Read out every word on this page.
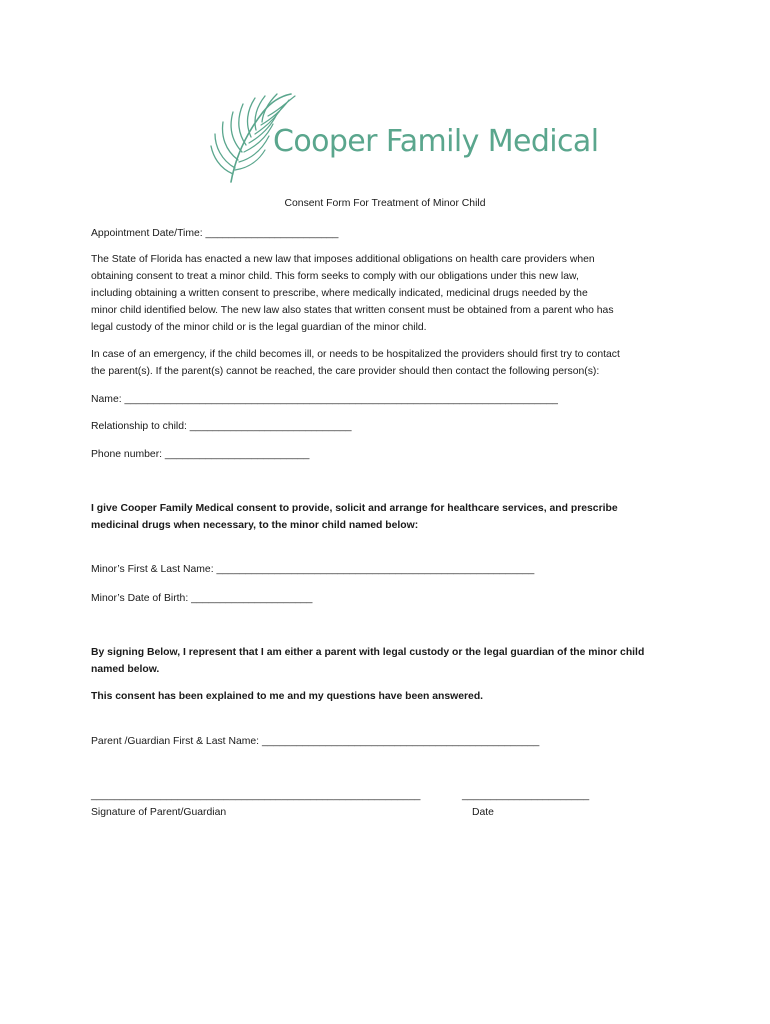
Cooper Family Medical
Consent Form For Treatment of Minor Child
Appointment Date/Time: _______________________
The State of Florida has enacted a new law that imposes additional obligations on health care providers when
obtaining consent to treat a minor child. This form seeks to comply with our obligations under this new law,
including obtaining a written consent to prescribe, where medically indicated, medicinal drugs needed by the
minor child identified below. The new law also states that written consent must be obtained from a parent who has
legal custody of the minor child or is the legal guardian of the minor child.
In case of an emergency, if the child becomes ill, or needs to be hospitalized the providers should first try to contact
the parent(s). If the parent(s) cannot be reached, the care provider should then contact the following person(s):
Name: ___________________________________________________________________________
Relationship to child: ____________________________
Phone number: _________________________
I give Cooper Family Medical consent to provide, solicit and arrange for healthcare services, and prescribe
medicinal drugs when necessary, to the minor child named below:
Minor’s First & Last Name: _______________________________________________________
Minor’s Date of Birth: _____________________
By signing Below, I represent that I am either a parent with legal custody or the legal guardian of the minor child
named below.
This consent has been explained to me and my questions have been answered.
Parent /Guardian First & Last Name: ________________________________________________
_________________________________________________________
Signature of Parent/Guardian
______________________
Date
